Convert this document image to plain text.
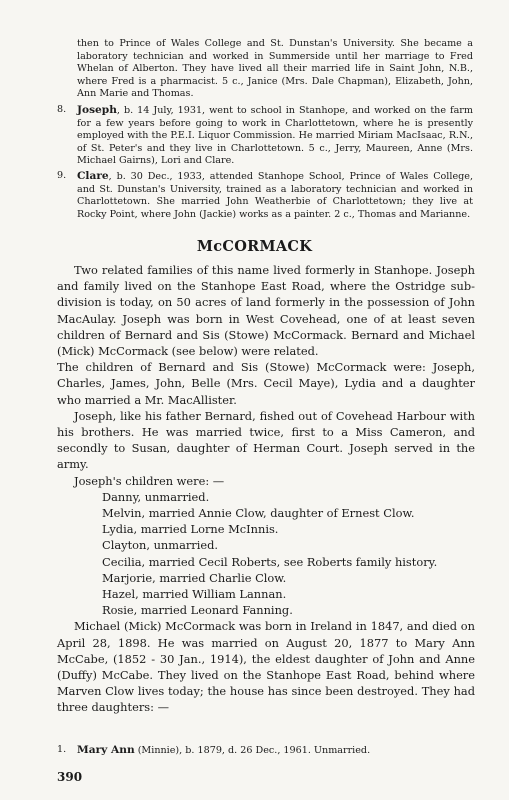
then to Prince of Wales College and St. Dunstan's University. She became a laboratory technician and worked in Summerside until her marriage to Fred Whelan of Alberton. They have lived all their married life in Saint John, N.B., where Fred is a pharmacist. 5 c., Janice (Mrs. Dale Chapman), Elizabeth, John, Ann Marie and Thomas.
8.	Joseph, b. 14 July, 1931, went to school in Stanhope, and worked on the farm for a few years before going to work in Charlottetown, where he is presently employed with the P.E.I. Liquor Commission. He married Miriam MacIsaac, R.N., of St. Peter's and they live in Charlottetown. 5 c., Jerry, Maureen, Anne (Mrs. Michael Gairns), Lori and Clare.
9.	Clare, b. 30 Dec., 1933, attended Stanhope School, Prince of Wales College, and St. Dunstan's University, trained as a laboratory technician and worked in Charlottetown. She married John Weatherbie of Charlottetown; they live at Rocky Point, where John (Jackie) works as a painter. 2 c., Thomas and Marianne.
McCORMACK

Two related families of this name lived formerly in Stanhope. Joseph and family lived on the Stanhope East Road, where the Ostridge sub-division is today, on 50 acres of land formerly in the possession of John MacAulay. Joseph was born in West Covehead, one of at least seven children of Bernard and Sis (Stowe) McCormack. Bernard and Michael (Mick) McCormack (see below) were related.

The children of Bernard and Sis (Stowe) McCormack were: Joseph, Charles, James, John, Belle (Mrs. Cecil Maye), Lydia and a daughter who married a Mr. MacAllister.

Joseph, like his father Bernard, fished out of Covehead Harbour with his brothers. He was married twice, first to a Miss Cameron, and secondly to Susan, daughter of Herman Court. Joseph served in the army.

Joseph's children were: —

Danny, unmarried.
Melvin, married Annie Clow, daughter of Ernest Clow.
Lydia, married Lorne McInnis.
Clayton, unmarried.
Cecilia, married Cecil Roberts, see Roberts family history.
Marjorie, married Charlie Clow.
Hazel, married William Lannan.
Rosie, married Leonard Fanning.

Michael (Mick) McCormack was born in Ireland in 1847, and died on April 28, 1898. He was married on August 20, 1877 to Mary Ann McCabe, (1852 - 30 Jan., 1914), the eldest daughter of John and Anne (Duffy) McCabe. They lived on the Stanhope East Road, behind where Marven Clow lives today; the house has since been destroyed. They had three daughters: —

1.	Mary Ann (Minnie), b. 1879, d. 26 Dec., 1961. Unmarried.
390
